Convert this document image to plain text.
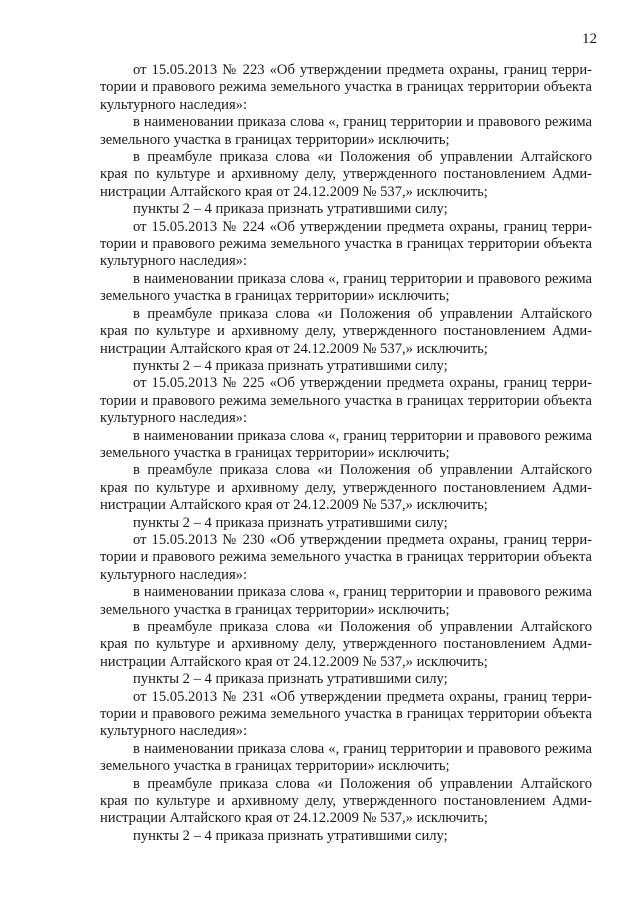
12

от 15.05.2013 № 223 «Об утверждении предмета охраны, границ территории и правового режима земельного участка в границах территории объекта культурного наследия»:

в наименовании приказа слова «, границ территории и правового режима земельного участка в границах территории» исключить;

в преамбуле приказа слова «и Положения об управлении Алтайского края по культуре и архивному делу, утвержденного постановлением Администрации Алтайского края от 24.12.2009 № 537,» исключить;

пункты 2 – 4 приказа признать утратившими силу;

от 15.05.2013 № 224 «Об утверждении предмета охраны, границ территории и правового режима земельного участка в границах территории объекта культурного наследия»:

в наименовании приказа слова «, границ территории и правового режима земельного участка в границах территории» исключить;

в преамбуле приказа слова «и Положения об управлении Алтайского края по культуре и архивному делу, утвержденного постановлением Администрации Алтайского края от 24.12.2009 № 537,» исключить;

пункты 2 – 4 приказа признать утратившими силу;

от 15.05.2013 № 225 «Об утверждении предмета охраны, границ территории и правового режима земельного участка в границах территории объекта культурного наследия»:

в наименовании приказа слова «, границ территории и правового режима земельного участка в границах территории» исключить;

в преамбуле приказа слова «и Положения об управлении Алтайского края по культуре и архивному делу, утвержденного постановлением Администрации Алтайского края от 24.12.2009 № 537,» исключить;

пункты 2 – 4 приказа признать утратившими силу;

от 15.05.2013 № 230 «Об утверждении предмета охраны, границ территории и правового режима земельного участка в границах территории объекта культурного наследия»:

в наименовании приказа слова «, границ территории и правового режима земельного участка в границах территории» исключить;

в преамбуле приказа слова «и Положения об управлении Алтайского края по культуре и архивному делу, утвержденного постановлением Администрации Алтайского края от 24.12.2009 № 537,» исключить;

пункты 2 – 4 приказа признать утратившими силу;

от 15.05.2013 № 231 «Об утверждении предмета охраны, границ территории и правового режима земельного участка в границах территории объекта культурного наследия»:

в наименовании приказа слова «, границ территории и правового режима земельного участка в границах территории» исключить;

в преамбуле приказа слова «и Положения об управлении Алтайского края по культуре и архивному делу, утвержденного постановлением Администрации Алтайского края от 24.12.2009 № 537,» исключить;

пункты 2 – 4 приказа признать утратившими силу;
